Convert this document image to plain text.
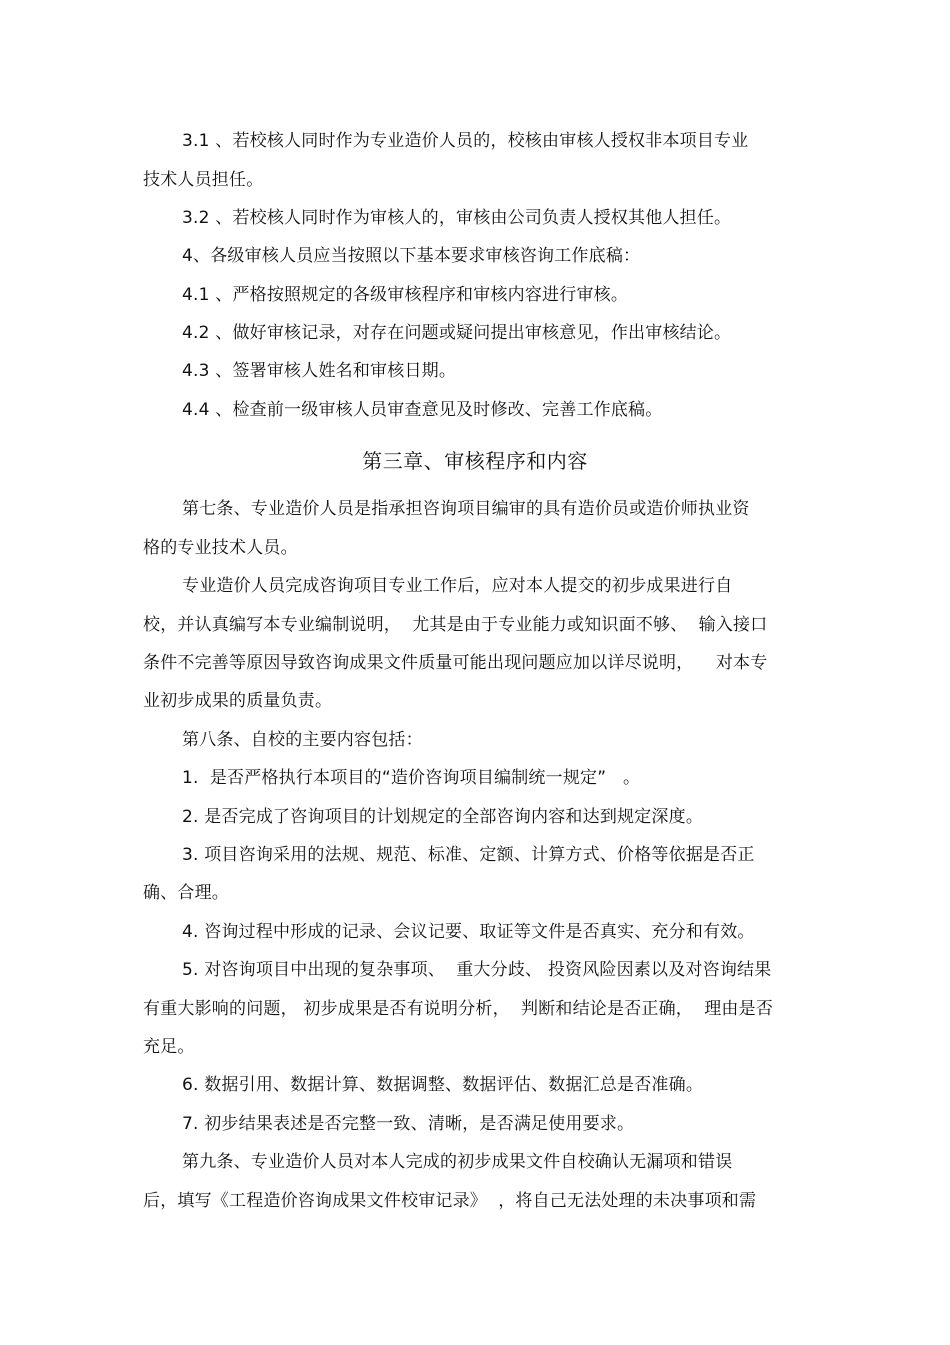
3.1 、若校核人同时作为专业造价人员的，校核由审核人授权非本项目专业
技术人员担任。
3.2 、若校核人同时作为审核人的，审核由公司负责人授权其他人担任。
4、各级审核人员应当按照以下基本要求审核咨询工作底稿：
4.1 、严格按照规定的各级审核程序和审核内容进行审核。
4.2 、做好审核记录，对存在问题或疑问提出审核意见，作出审核结论。
4.3 、签署审核人姓名和审核日期。
4.4 、检查前一级审核人员审查意见及时修改、完善工作底稿。
第三章、审核程序和内容
第七条、专业造价人员是指承担咨询项目编审的具有造价员或造价师执业资
格的专业技术人员。
专业造价人员完成咨询项目专业工作后，应对本人提交的初步成果进行自
校，并认真编写本专业编制说明，  尤其是由于专业能力或知识面不够、  输入接口
条件不完善等原因导致咨询成果文件质量可能出现问题应加以详尽说明，    对本专
业初步成果的质量负责。
第八条、自校的主要内容包括：
1.  是否严格执行本项目的“造价咨询项目编制统一规定”   。
2. 是否完成了咨询项目的计划规定的全部咨询内容和达到规定深度。
3. 项目咨询采用的法规、规范、标准、定额、计算方式、价格等依据是否正
确、合理。
4. 咨询过程中形成的记录、会议记要、取证等文件是否真实、充分和有效。
5. 对咨询项目中出现的复杂事项、  重大分歧、 投资风险因素以及对咨询结果
有重大影响的问题， 初步成果是否有说明分析，  判断和结论是否正确，  理由是否
充足。
6. 数据引用、数据计算、数据调整、数据评估、数据汇总是否准确。
7. 初步结果表述是否完整一致、清晰，是否满足使用要求。
第九条、专业造价人员对本人完成的初步成果文件自校确认无漏项和错误
后，填写《工程造价咨询成果文件校审记录》  ，将自己无法处理的未决事项和需
